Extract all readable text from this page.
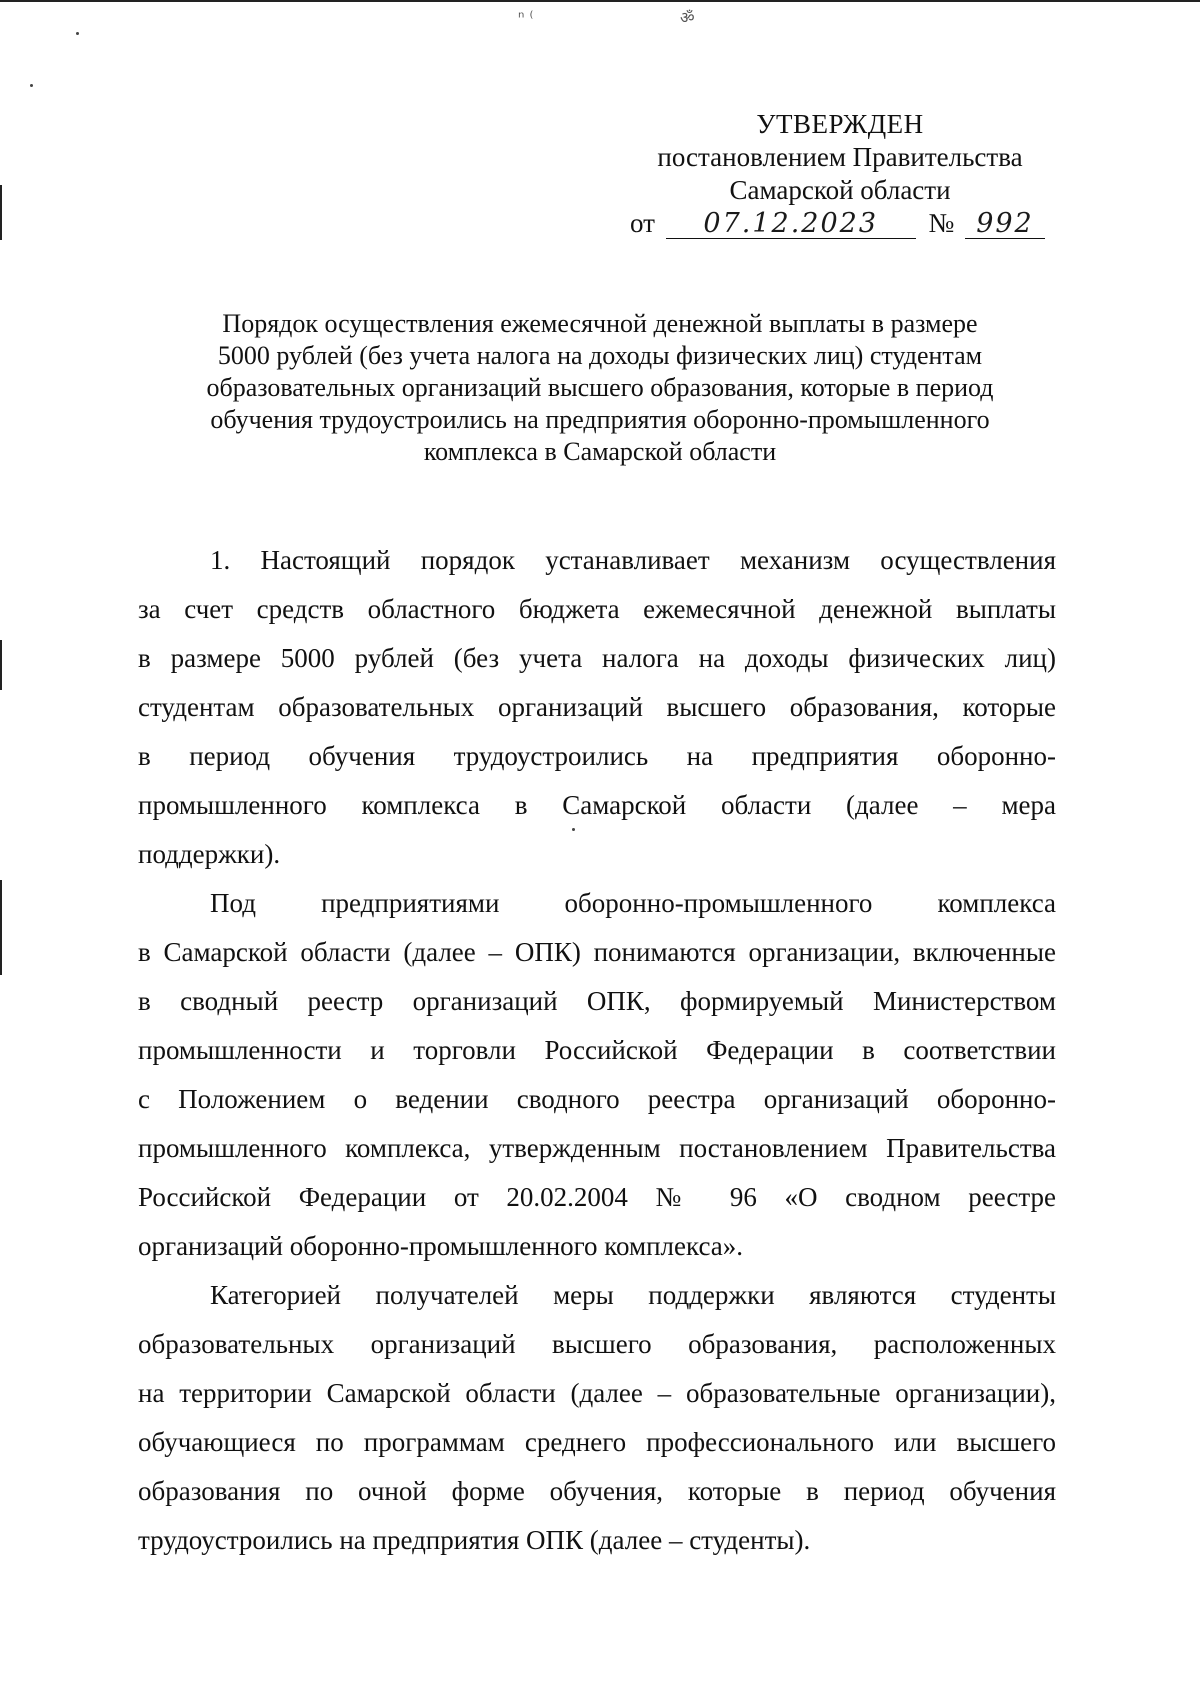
ⁿ ⁽	ॐ
УТВЕРЖДЕН
постановлением Правительства
Самарской области
от 07.12.2023 № 992
Порядок осуществления ежемесячной денежной выплаты в размере
5000 рублей (без учета налога на доходы физических лиц) студентам
образовательных организаций высшего образования, которые в период
обучения трудоустроились на предприятия оборонно-промышленного
комплекса в Самарской области
1. Настоящий порядок устанавливает механизм осуществления
за счет средств областного бюджета ежемесячной денежной выплаты
в размере 5000 рублей (без учета налога на доходы физических лиц)
студентам образовательных организаций высшего образования, которые
в период обучения трудоустроились на предприятия оборонно-
промышленного комплекса в Самарской области (далее – мера
поддержки).
Под предприятиями оборонно-промышленного комплекса
в Самарской области (далее – ОПК) понимаются организации, включенные
в сводный реестр организаций ОПК, формируемый Министерством
промышленности и торговли Российской Федерации в соответствии
с Положением о ведении сводного реестра организаций оборонно-
промышленного комплекса, утвержденным постановлением Правительства
Российской Федерации от 20.02.2004 № 96 «О сводном реестре
организаций оборонно-промышленного комплекса».
Категорией получателей меры поддержки являются студенты
образовательных организаций высшего образования, расположенных
на территории Самарской области (далее – образовательные организации),
обучающиеся по программам среднего профессионального или высшего
образования по очной форме обучения, которые в период обучения
трудоустроились на предприятия ОПК (далее – студенты).
